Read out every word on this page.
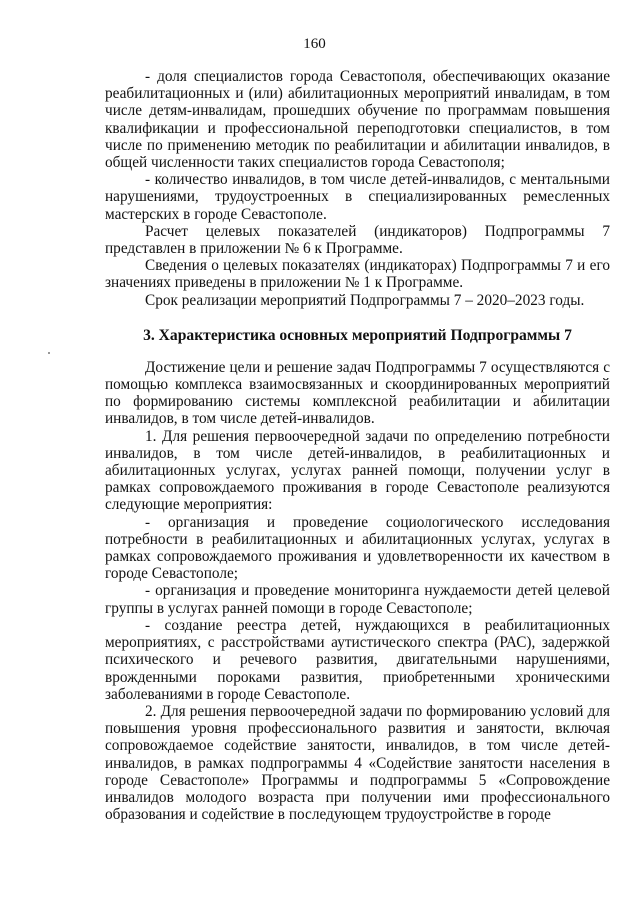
160

- доля специалистов города Севастополя, обеспечивающих оказание реабилитационных и (или) абилитационных мероприятий инвалидам, в том числе детям-инвалидам, прошедших обучение по программам повышения квалификации и профессиональной переподготовки специалистов, в том числе по применению методик по реабилитации и абилитации инвалидов, в общей численности таких специалистов города Севастополя;

- количество инвалидов, в том числе детей-инвалидов, с ментальными нарушениями, трудоустроенных в специализированных ремесленных мастерских в городе Севастополе.

Расчет целевых показателей (индикаторов) Подпрограммы 7 представлен в приложении № 6 к Программе.

Сведения о целевых показателях (индикаторах) Подпрограммы 7 и его значениях приведены в приложении № 1 к Программе.

Срок реализации мероприятий Подпрограммы 7 – 2020–2023 годы.

3. Характеристика основных мероприятий Подпрограммы 7

Достижение цели и решение задач Подпрограммы 7 осуществляются с помощью комплекса взаимосвязанных и скоординированных мероприятий по формированию системы комплексной реабилитации и абилитации инвалидов, в том числе детей-инвалидов.

1. Для решения первоочередной задачи по определению потребности инвалидов, в том числе детей-инвалидов, в реабилитационных и абилитационных услугах, услугах ранней помощи, получении услуг в рамках сопровождаемого проживания в городе Севастополе реализуются следующие мероприятия:

- организация и проведение социологического исследования потребности в реабилитационных и абилитационных услугах, услугах в рамках сопровождаемого проживания и удовлетворенности их качеством в городе Севастополе;

- организация и проведение мониторинга нуждаемости детей целевой группы в услугах ранней помощи в городе Севастополе;

- создание реестра детей, нуждающихся в реабилитационных мероприятиях, с расстройствами аутистического спектра (РАС), задержкой психического и речевого развития, двигательными нарушениями, врожденными пороками развития, приобретенными хроническими заболеваниями в городе Севастополе.

2. Для решения первоочередной задачи по формированию условий для повышения уровня профессионального развития и занятости, включая сопровождаемое содействие занятости, инвалидов, в том числе детей-инвалидов, в рамках подпрограммы 4 «Содействие занятости населения в городе Севастополе» Программы и подпрограммы 5 «Сопровождение инвалидов молодого возраста при получении ими профессионального образования и содействие в последующем трудоустройстве в городе
